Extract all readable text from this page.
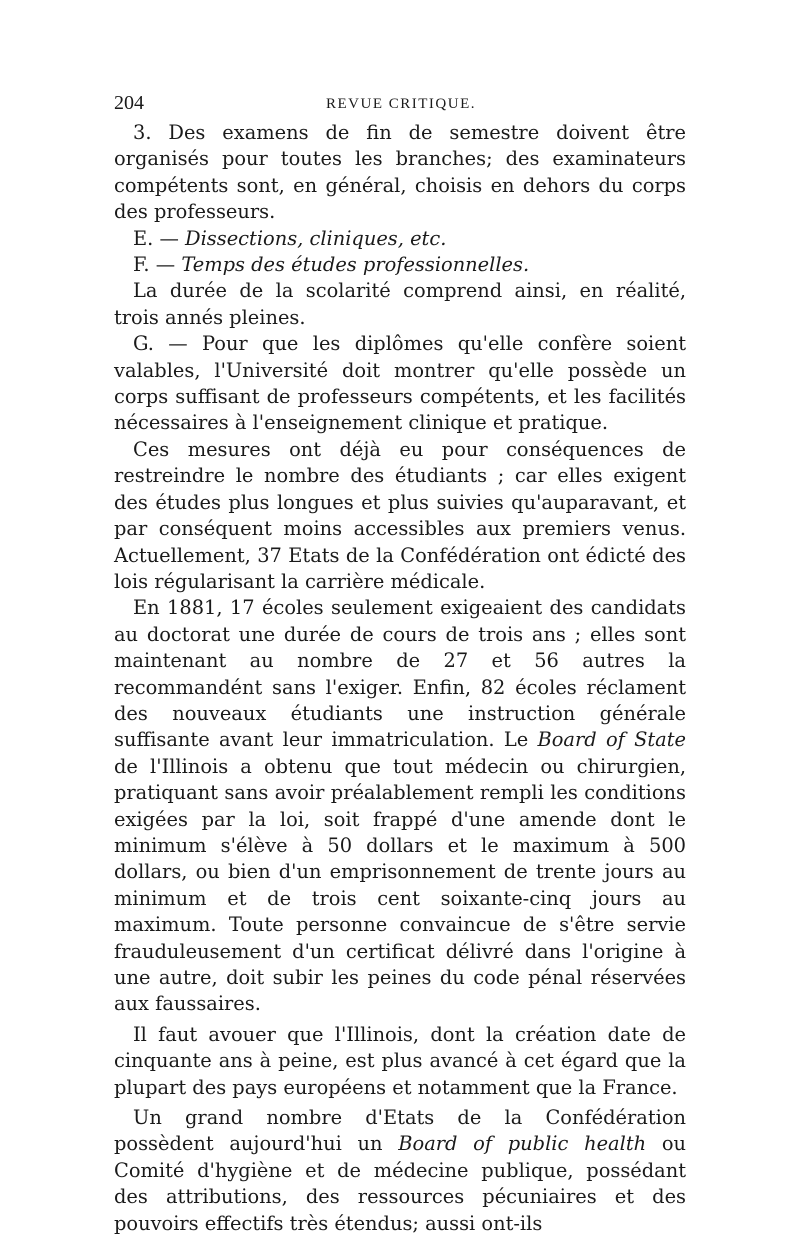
204	REVUE CRITIQUE.

3. Des examens de fin de semestre doivent être organisés pour toutes les branches; des examinateurs compétents sont, en général, choisis en dehors du corps des professeurs.

E. — Dissections, cliniques, etc.

F. — Temps des études professionnelles.

La durée de la scolarité comprend ainsi, en réalité, trois annés pleines.

G. — Pour que les diplômes qu'elle confère soient valables, l'Université doit montrer qu'elle possède un corps suffisant de professeurs compétents, et les facilités nécessaires à l'enseignement clinique et pratique.

Ces mesures ont déjà eu pour conséquences de restreindre le nombre des étudiants ; car elles exigent des études plus longues et plus suivies qu'auparavant, et par conséquent moins accessibles aux premiers venus. Actuellement, 37 Etats de la Confédération ont édicté des lois régularisant la carrière médicale.

En 1881, 17 écoles seulement exigeaient des candidats au doctorat une durée de cours de trois ans ; elles sont maintenant au nombre de 27 et 56 autres la recommandént sans l'exiger. Enfin, 82 écoles réclament des nouveaux étudiants une instruction générale suffisante avant leur immatriculation. Le Board of State de l'Illinois a obtenu que tout médecin ou chirurgien, pratiquant sans avoir préalablement rempli les conditions exigées par la loi, soit frappé d'une amende dont le minimum s'élève à 50 dollars et le maximum à 500 dollars, ou bien d'un emprisonnement de trente jours au minimum et de trois cent soixante-cinq jours au maximum. Toute personne convaincue de s'être servie frauduleusement d'un certificat délivré dans l'origine à une autre, doit subir les peines du code pénal réservées aux faussaires.

Il faut avouer que l'Illinois, dont la création date de cinquante ans à peine, est plus avancé à cet égard que la plupart des pays européens et notamment que la France.

Un grand nombre d'Etats de la Confédération possèdent aujourd'hui un Board of public health ou Comité d'hygiène et de médecine publique, possédant des attributions, des ressources pécuniaires et des pouvoirs effectifs très étendus; aussi ont-ils
